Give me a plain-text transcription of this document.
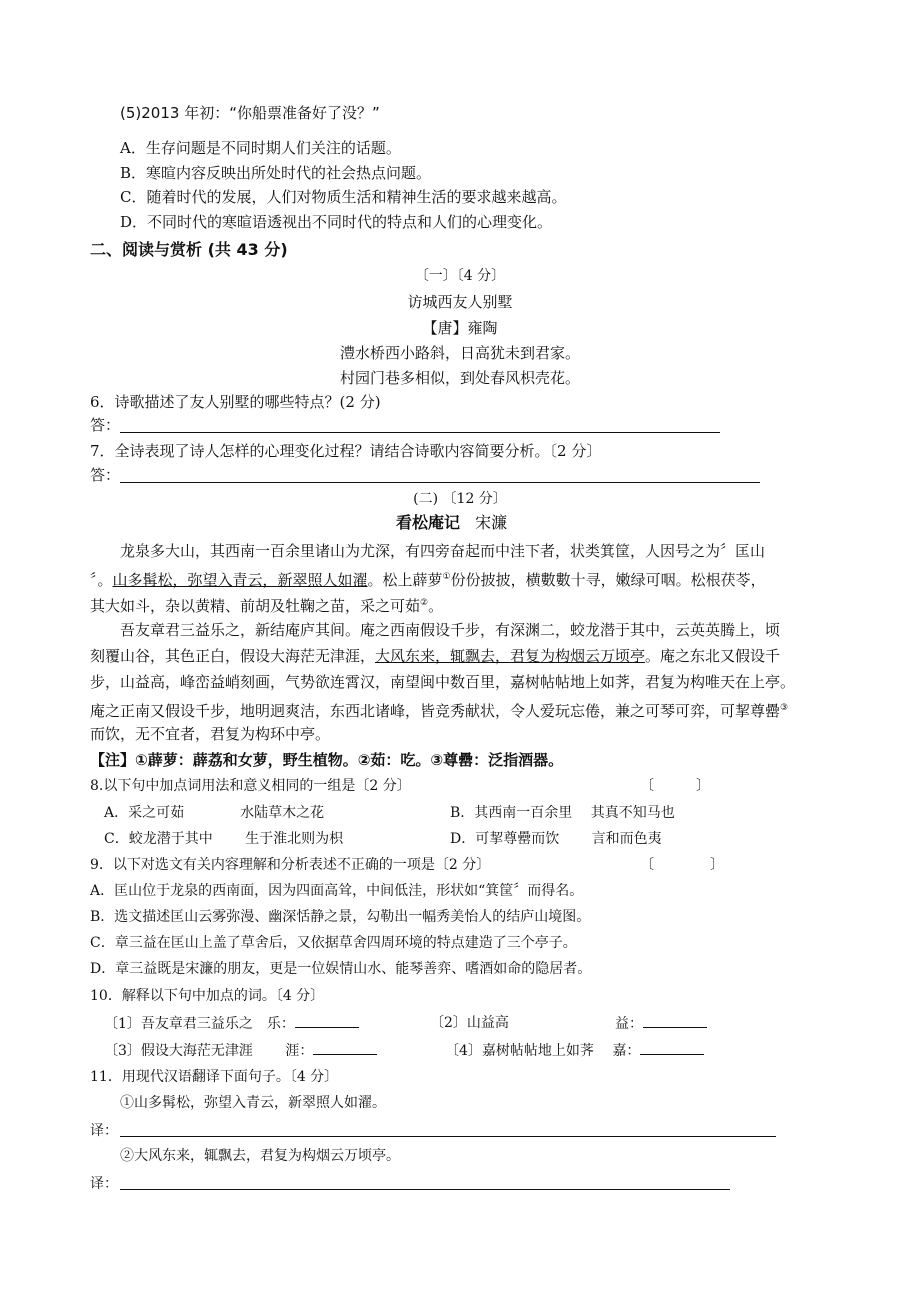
(5)2013 年初：“你船票准备好了没？”
A．生存问题是不同时期人们关注的话题。
B．寒暄内容反映出所处时代的社会热点问题。
C．随着时代的发展，人们对物质生活和精神生活的要求越来越高。
D．不同时代的寒暄语透视出不同时代的特点和人们的心理变化。
二、阅读与赏析 (共 43 分)
〔一〕〔4 分〕
访城西友人别墅
【唐】雍陶
澧水桥西小路斜，日高犹未到君家。
村园门巷多相似，到处春风枳壳花。
6．诗歌描述了友人别墅的哪些特点？(2 分)
答：
7．全诗表现了诗人怎样的心理变化过程？请结合诗歌内容简要分析。〔2 分〕
答：
(二) 〔12 分〕
看松庵记 宋濂
龙泉多大山，其西南一百余里诸山为尤深，有四旁奋起而中洼下者，状类箕筐，人因号之为〞匡山
〞。山多髯松，弥望入青云，新翠照人如濯。松上薜萝①份份披披，横數數十寻，嫩绿可咽。松根茯苓，
其大如斗，杂以黄精、前胡及牡鞠之苗，采之可茹②。
吾友章君三益乐之，新结庵庐其间。庵之西南假设千步，有深渊二，蛟龙潜于其中，云英英腾上，顷
刻覆山谷，其色正白，假设大海茫无津涯，大风东来，辄飘去，君复为构烟云万顷亭。庵之东北又假设千
步，山益高，峰峦益峭刻画，气势欲连霄汉，南望闽中数百里，嘉树帖帖地上如荠，君复为构唯天在上亭。
庵之正南又假设千步，地明迥爽洁，东西北诸峰，皆竞秀献状，令人爱玩忘倦，兼之可琴可弈，可挈尊罍③
而饮，无不宜者，君复为构环中亭。
【注】①薜萝：薜荔和女萝，野生植物。②茹：吃。③尊罍：泛指酒器。
8.以下句中加点词用法和意义相同的一组是〔2 分〕	〔　　　〕
A．采之可茹　　　　水陆草木之花	B．其西南一百余里　 其真不知马也
C．蛟龙潜于其中　　 生于淮北则为枳	D．可挈尊罍而饮　　 言和而色夷
9．以下对选文有关内容理解和分析表述不正确的一项是〔2 分〕	〔　　　　〕
A．匡山位于龙泉的西南面，因为四面高耸，中间低洼，形状如“箕筐〞而得名。
B．选文描述匡山云雾弥漫、幽深恬静之景，勾勒出一幅秀美怡人的结庐山境图。
C．章三益在匡山上盖了草舍后，又依据草舍四周环境的特点建造了三个亭子。
D．章三益既是宋濂的朋友，更是一位娱情山水、能琴善弈、嗜酒如命的隐居者。
10．解释以下句中加点的词。〔4 分〕
〔1〕吾友章君三益乐之　乐：	〔2〕山益高	益：
〔3〕假设大海茫无津涯　　 涯：	〔4〕嘉树帖帖地上如荠　 嘉：
11．用现代汉语翻译下面句子。〔4 分〕
①山多髯松，弥望入青云，新翠照人如濯。
译：
②大风东来，辄飘去，君复为构烟云万顷亭。
译：
